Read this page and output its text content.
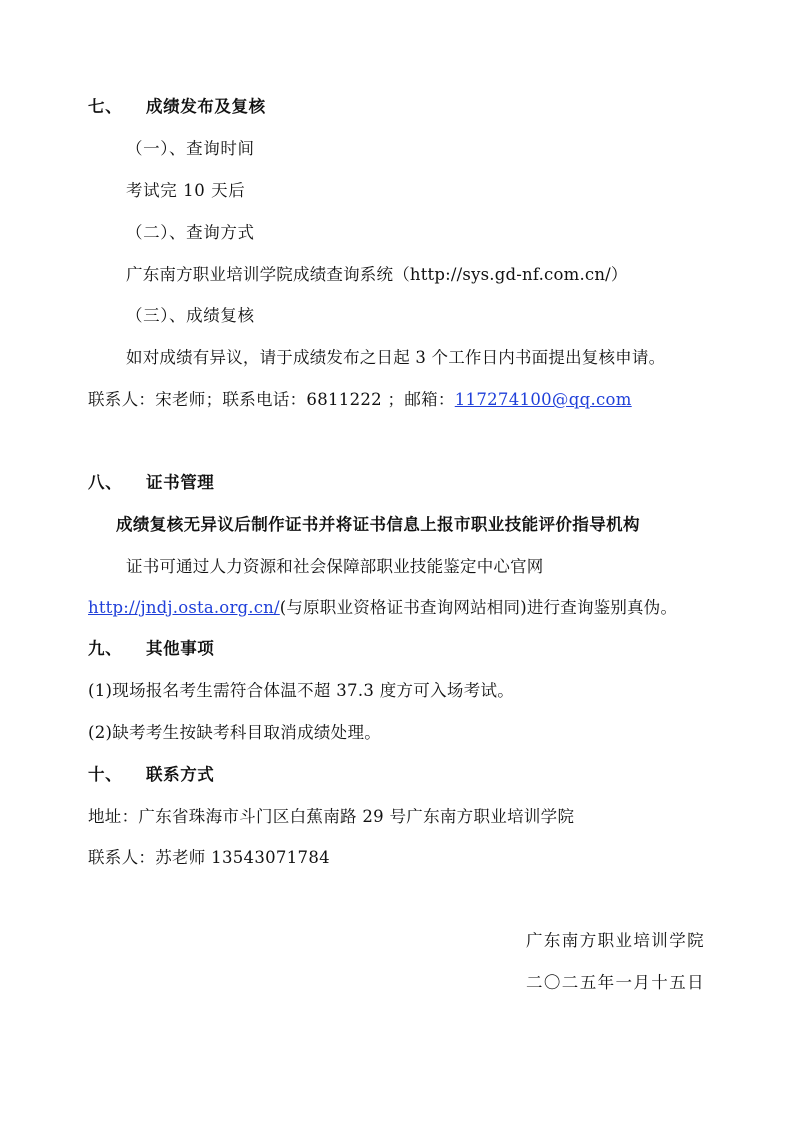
七、 成绩发布及复核
（一）、查询时间
考试完 10 天后
（二）、查询方式
广东南方职业培训学院成绩查询系统（http://sys.gd-nf.com.cn/）
（三）、成绩复核
如对成绩有异议，请于成绩发布之日起 3 个工作日内书面提出复核申请。
联系人：宋老师；联系电话：6811222 ；邮箱：117274100@qq.com
八、 证书管理
成绩复核无异议后制作证书并将证书信息上报市职业技能评价指导机构
证书可通过人力资源和社会保障部职业技能鉴定中心官网
http://jndj.osta.org.cn/(与原职业资格证书查询网站相同)进行查询鉴别真伪。
九、 其他事项
(1)现场报名考生需符合体温不超 37.3 度方可入场考试。
(2)缺考考生按缺考科目取消成绩处理。
十、 联系方式
地址：广东省珠海市斗门区白蕉南路 29 号广东南方职业培训学院
联系人：苏老师 13543071784
广东南方职业培训学院
二〇二五年一月十五日
